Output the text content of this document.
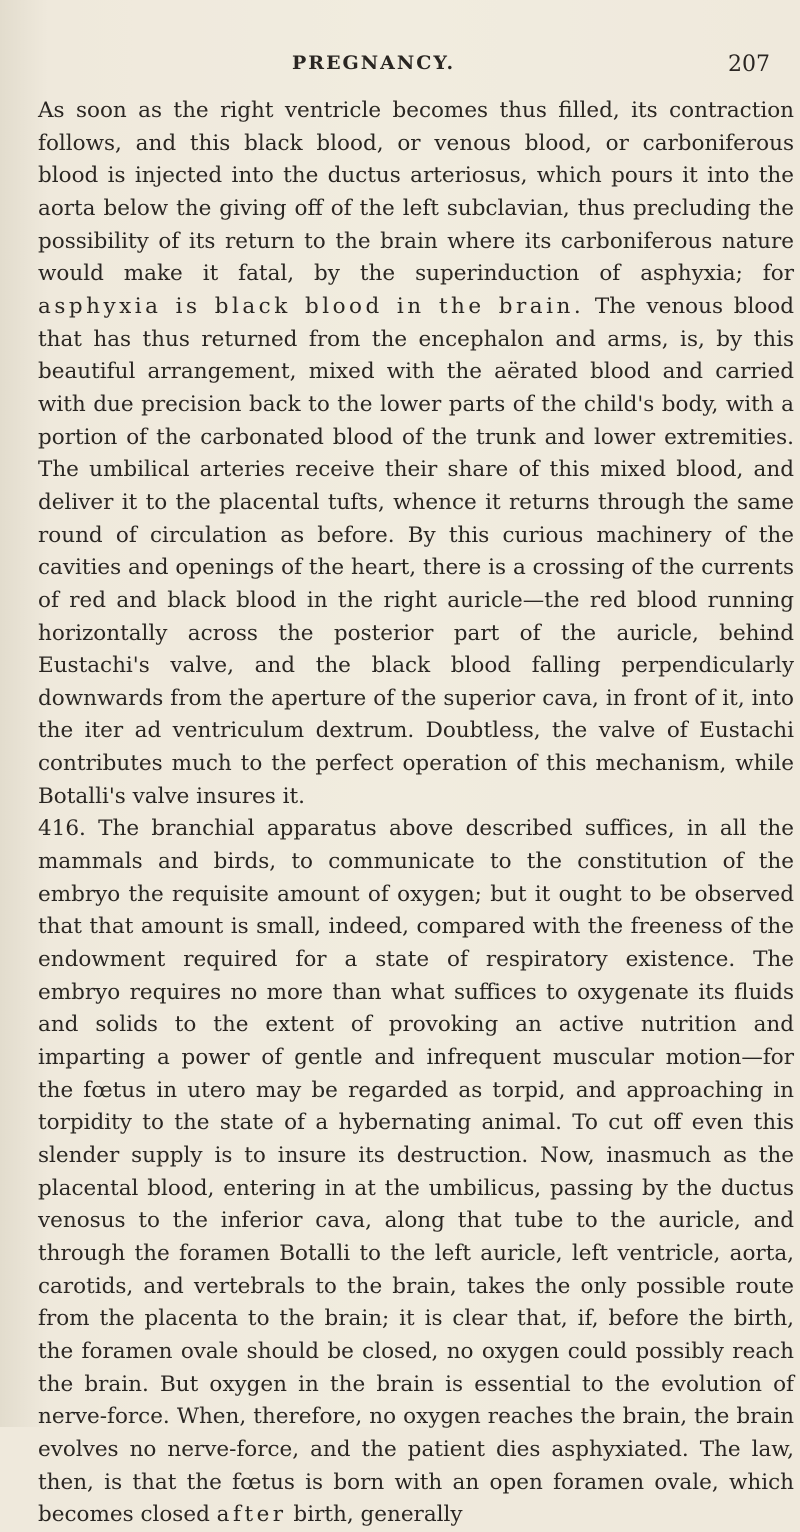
PREGNANCY.	207

As soon as the right ventricle becomes thus filled, its contraction follows, and this black blood, or venous blood, or carboniferous blood is injected into the ductus arteriosus, which pours it into the aorta below the giving off of the left subclavian, thus precluding the possibility of its return to the brain where its carboniferous nature would make it fatal, by the superinduction of asphyxia; for asphyxia is black blood in the brain. The venous blood that has thus returned from the encephalon and arms, is, by this beautiful arrangement, mixed with the aërated blood and carried with due precision back to the lower parts of the child's body, with a portion of the carbonated blood of the trunk and lower extremities. The umbilical arteries receive their share of this mixed blood, and deliver it to the placental tufts, whence it returns through the same round of circulation as before. By this curious machinery of the cavities and openings of the heart, there is a crossing of the currents of red and black blood in the right auricle—the red blood running horizontally across the posterior part of the auricle, behind Eustachi's valve, and the black blood falling perpendicularly downwards from the aperture of the superior cava, in front of it, into the iter ad ventriculum dextrum. Doubtless, the valve of Eustachi contributes much to the perfect operation of this mechanism, while Botalli's valve insures it.

416. The branchial apparatus above described suffices, in all the mammals and birds, to communicate to the constitution of the embryo the requisite amount of oxygen; but it ought to be observed that that amount is small, indeed, compared with the freeness of the endowment required for a state of respiratory existence. The embryo requires no more than what suffices to oxygenate its fluids and solids to the extent of provoking an active nutrition and imparting a power of gentle and infrequent muscular motion—for the fœtus in utero may be regarded as torpid, and approaching in torpidity to the state of a hybernating animal. To cut off even this slender supply is to insure its destruction. Now, inasmuch as the placental blood, entering in at the umbilicus, passing by the ductus venosus to the inferior cava, along that tube to the auricle, and through the foramen Botalli to the left auricle, left ventricle, aorta, carotids, and vertebrals to the brain, takes the only possible route from the placenta to the brain; it is clear that, if, before the birth, the foramen ovale should be closed, no oxygen could possibly reach the brain. But oxygen in the brain is essential to the evolution of nerve-force. When, therefore, no oxygen reaches the brain, the brain evolves no nerve-force, and the patient dies asphyxiated. The law, then, is that the fœtus is born with an open foramen ovale, which becomes closed after birth, generally
